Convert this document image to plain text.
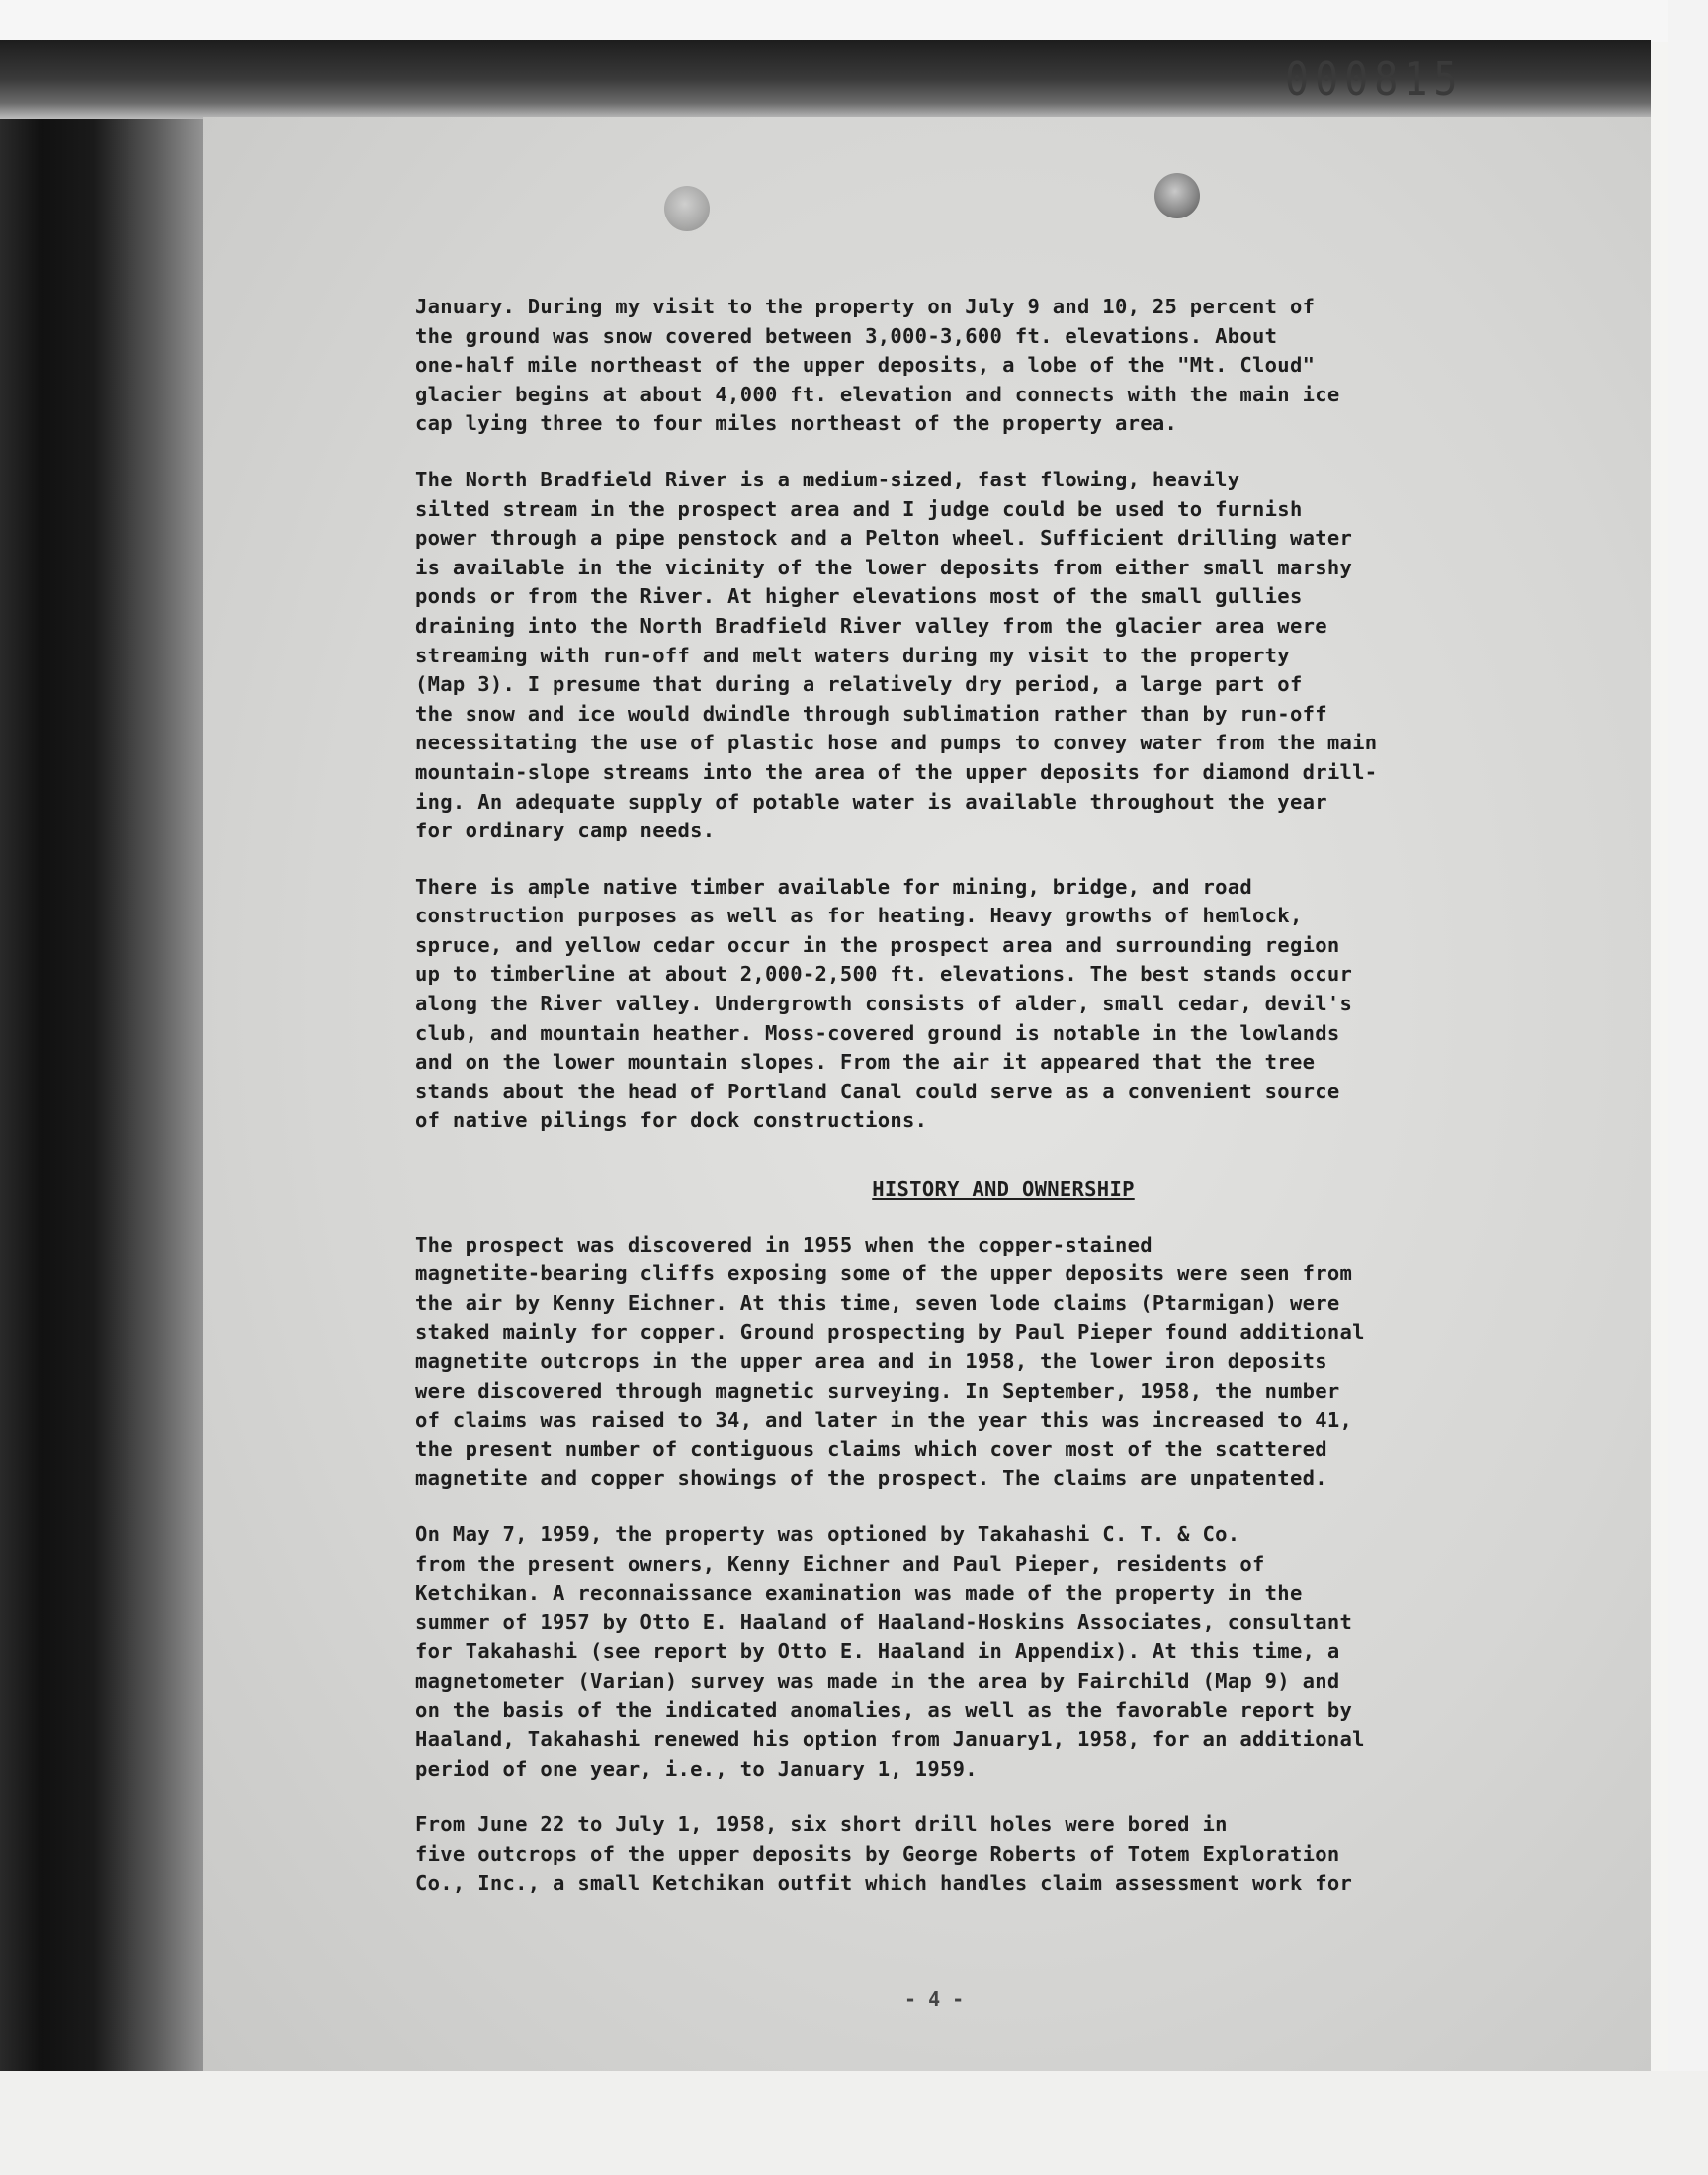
000815

January. During my visit to the property on July 9 and 10, 25 percent of
the ground was snow covered between 3,000-3,600 ft. elevations. About
one-half mile northeast of the upper deposits, a lobe of the "Mt. Cloud"
glacier begins at about 4,000 ft. elevation and connects with the main ice
cap lying three to four miles northeast of the property area.

The North Bradfield River is a medium-sized, fast flowing, heavily
silted stream in the prospect area and I judge could be used to furnish
power through a pipe penstock and a Pelton wheel. Sufficient drilling water
is available in the vicinity of the lower deposits from either small marshy
ponds or from the River. At higher elevations most of the small gullies
draining into the North Bradfield River valley from the glacier area were
streaming with run-off and melt waters during my visit to the property
(Map 3). I presume that during a relatively dry period, a large part of
the snow and ice would dwindle through sublimation rather than by run-off
necessitating the use of plastic hose and pumps to convey water from the main
mountain-slope streams into the area of the upper deposits for diamond drill-
ing. An adequate supply of potable water is available throughout the year
for ordinary camp needs.

There is ample native timber available for mining, bridge, and road
construction purposes as well as for heating. Heavy growths of hemlock,
spruce, and yellow cedar occur in the prospect area and surrounding region
up to timberline at about 2,000-2,500 ft. elevations. The best stands occur
along the River valley. Undergrowth consists of alder, small cedar, devil's
club, and mountain heather. Moss-covered ground is notable in the lowlands
and on the lower mountain slopes. From the air it appeared that the tree
stands about the head of Portland Canal could serve as a convenient source
of native pilings for dock constructions.

HISTORY AND OWNERSHIP

The prospect was discovered in 1955 when the copper-stained
magnetite-bearing cliffs exposing some of the upper deposits were seen from
the air by Kenny Eichner. At this time, seven lode claims (Ptarmigan) were
staked mainly for copper. Ground prospecting by Paul Pieper found additional
magnetite outcrops in the upper area and in 1958, the lower iron deposits
were discovered through magnetic surveying. In September, 1958, the number
of claims was raised to 34, and later in the year this was increased to 41,
the present number of contiguous claims which cover most of the scattered
magnetite and copper showings of the prospect. The claims are unpatented.

On May 7, 1959, the property was optioned by Takahashi C. T. & Co.
from the present owners, Kenny Eichner and Paul Pieper, residents of
Ketchikan. A reconnaissance examination was made of the property in the
summer of 1957 by Otto E. Haaland of Haaland-Hoskins Associates, consultant
for Takahashi (see report by Otto E. Haaland in Appendix). At this time, a
magnetometer (Varian) survey was made in the area by Fairchild (Map 9) and
on the basis of the indicated anomalies, as well as the favorable report by
Haaland, Takahashi renewed his option from January1, 1958, for an additional
period of one year, i.e., to January 1, 1959.

From June 22 to July 1, 1958, six short drill holes were bored in
five outcrops of the upper deposits by George Roberts of Totem Exploration
Co., Inc., a small Ketchikan outfit which handles claim assessment work for

- 4 -
